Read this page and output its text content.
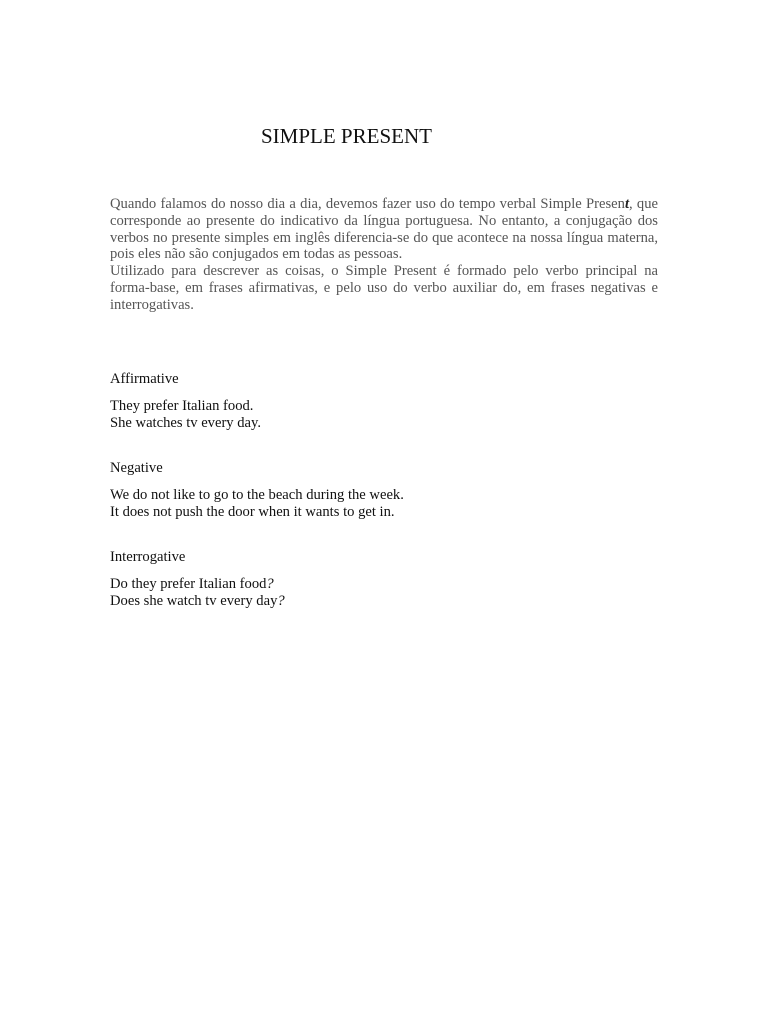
SIMPLE PRESENT

Quando falamos do nosso dia a dia, devemos fazer uso do tempo verbal Simple Present, que corresponde ao presente do indicativo da língua portuguesa. No entanto, a conjugação dos verbos no presente simples em inglês diferencia-se do que acontece na nossa língua materna, pois eles não são conjugados em todas as pessoas.

Utilizado para descrever as coisas, o Simple Present é formado pelo verbo principal na forma-base, em frases afirmativas, e pelo uso do verbo auxiliar do, em frases negativas e interrogativas.

Affirmative
They prefer Italian food.
She watches tv every day.
Negative
We do not like to go to the beach during the week.
It does not push the door when it wants to get in.
Interrogative
Do they prefer Italian food?
Does she watch tv every day?
